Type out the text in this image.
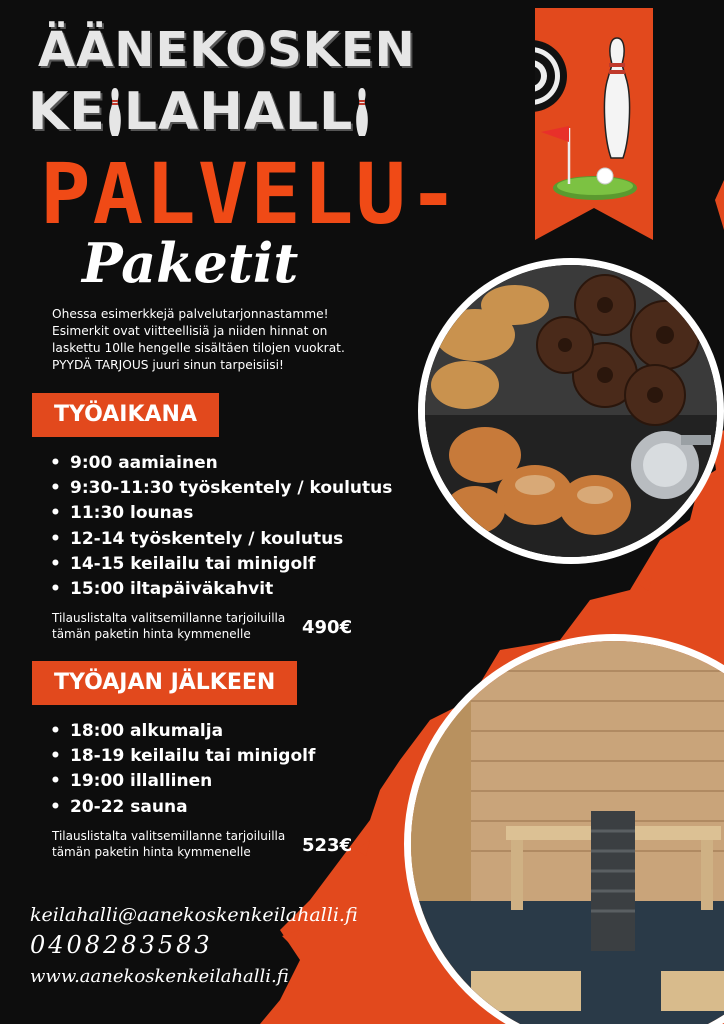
ÄÄNEKOSKEN
KE LAHALL
PALVELU-
Paketit
Ohessa esimerkkejä palvelutarjonnastamme!
Esimerkit ovat viitteellisiä ja niiden hinnat on
laskettu 10lle hengelle sisältäen tilojen vuokrat.
PYYDÄ TARJOUS juuri sinun tarpeisiisi!
TYÖAIKANA
• 9:00 aamiainen
• 9:30-11:30 työskentely / koulutus
• 11:30 lounas
• 12-14 työskentely / koulutus
• 14-15 keilailu tai minigolf
• 15:00 iltapäiväkahvit
Tilauslistalta valitsemillanne tarjoiluilla
tämän paketin hinta kymmenelle	490€
TYÖAJAN JÄLKEEN
• 18:00 alkumalja
• 18-19 keilailu tai minigolf
• 19:00 illallinen
• 20-22 sauna
Tilauslistalta valitsemillanne tarjoiluilla
tämän paketin hinta kymmenelle	523€
keilahalli@aanekoskenkeilahalli.fi
0408283583
www.aanekoskenkeilahalli.fi
